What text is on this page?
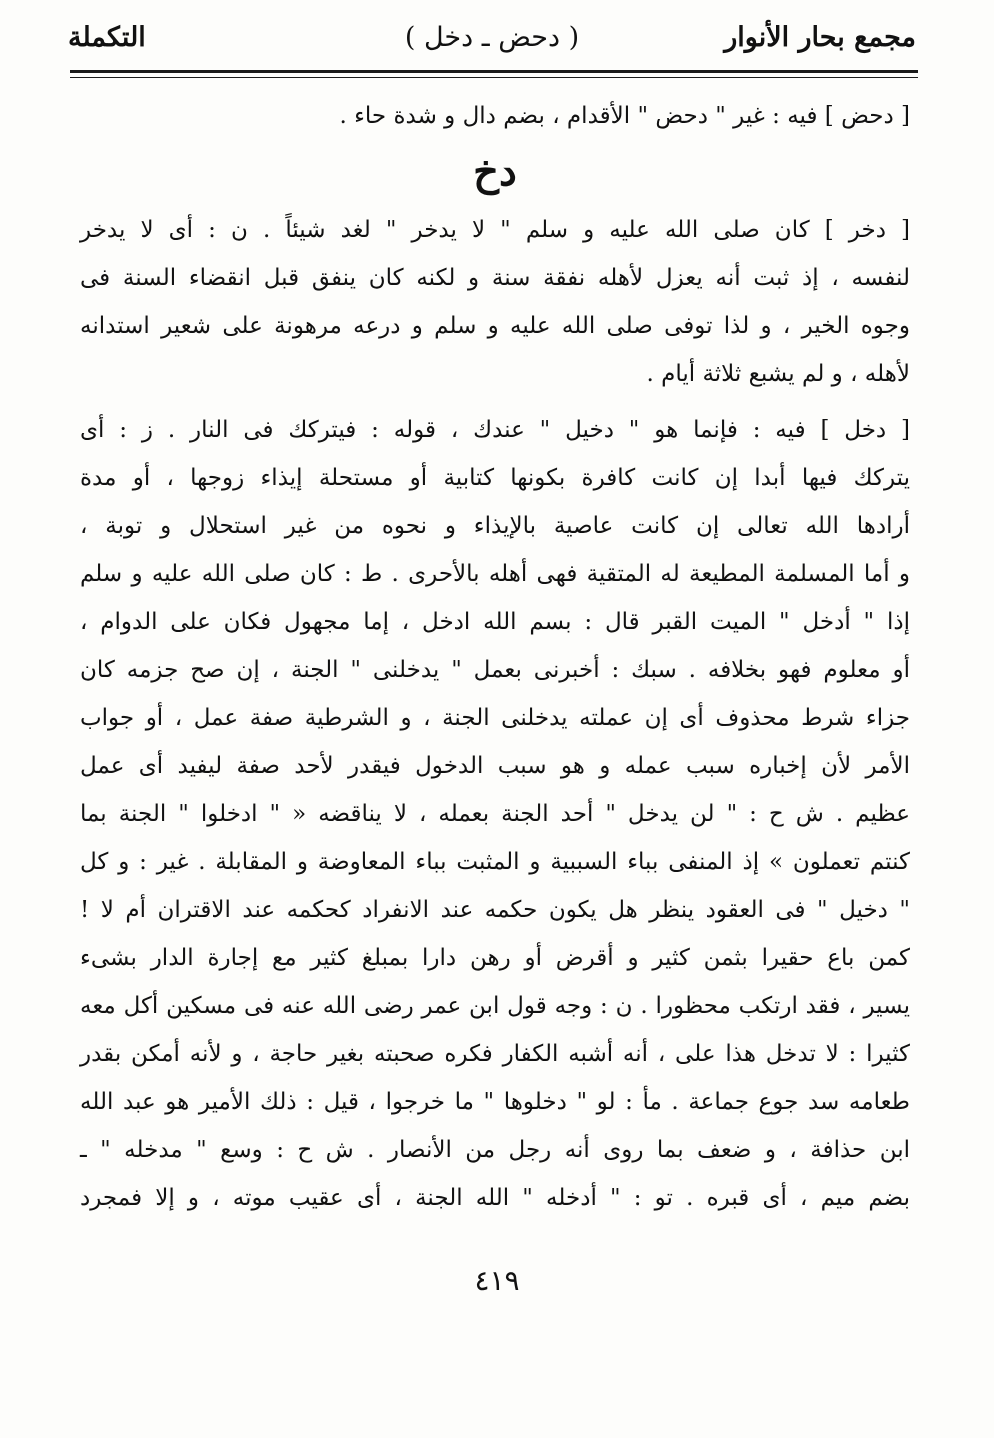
مجمع بحار الأنوار
( دحض ـ دخل )
التكملة
[ دحض ] فيه : غير " دحض " الأقدام ، بضم دال و شدة حاء .
دخ
[ دخر ] كان صلى الله عليه و سلم " لا يدخر " لغد شيئاً . ن : أى لا يدخر
لنفسه ، إذ ثبت أنه يعزل لأهله نفقة سنة و لكنه كان ينفق قبل انقضاء السنة فى
وجوه الخير ، و لذا توفى صلى الله عليه و سلم و درعه مرهونة على شعير استدانه
لأهله ، و لم يشبع ثلاثة أيام .
[ دخل ] فيه : فإنما هو " دخيل " عندك ، قوله : فيتركك فى النار . ز : أى
يتركك فيها أبدا إن كانت كافرة بكونها كتابية أو مستحلة إيذاء زوجها ، أو مدة
أرادها الله تعالى إن كانت عاصية بالإيذاء و نحوه من غير استحلال و توبة ،
و أما المسلمة المطيعة له المتقية فهى أهله بالأحرى . ط : كان صلى الله عليه و سلم
إذا " أدخل " الميت القبر قال : بسم الله ادخل ، إما مجهول فكان على الدوام ،
أو معلوم فهو بخلافه . سبك : أخبرنى بعمل " يدخلنى " الجنة ، إن صح جزمه كان
جزاء شرط محذوف أى إن عملته يدخلنى الجنة ، و الشرطية صفة عمل ، أو جواب
الأمر لأن إخباره سبب عمله و هو سبب الدخول فيقدر لأحد صفة ليفيد أى عمل
عظيم . ش ح : " لن يدخل " أحد الجنة بعمله ، لا يناقضه « " ادخلوا " الجنة بما
كنتم تعملون » إذ المنفى بباء السببية و المثبت بباء المعاوضة و المقابلة . غير : و كل
" دخيل " فى العقود ينظر هل يكون حكمه عند الانفراد كحكمه عند الاقتران أم لا !
كمن باع حقيرا بثمن كثير و أقرض أو رهن دارا بمبلغ كثير مع إجارة الدار بشىء
يسير ، فقد ارتكب محظورا . ن : وجه قول ابن عمر رضى الله عنه فى مسكين أكل معه
كثيرا : لا تدخل هذا على ، أنه أشبه الكفار فكره صحبته بغير حاجة ، و لأنه أمكن بقدر
طعامه سد جوع جماعة . مأ : لو " دخلوها " ما خرجوا ، قيل : ذلك الأمير هو عبد الله
ابن حذافة ، و ضعف بما روى أنه رجل من الأنصار . ش ح : وسع " مدخله " ـ
بضم ميم ، أى قبره . تو : " أدخله " الله الجنة ، أى عقيب موته ، و إلا فمجرد
٤١٩
